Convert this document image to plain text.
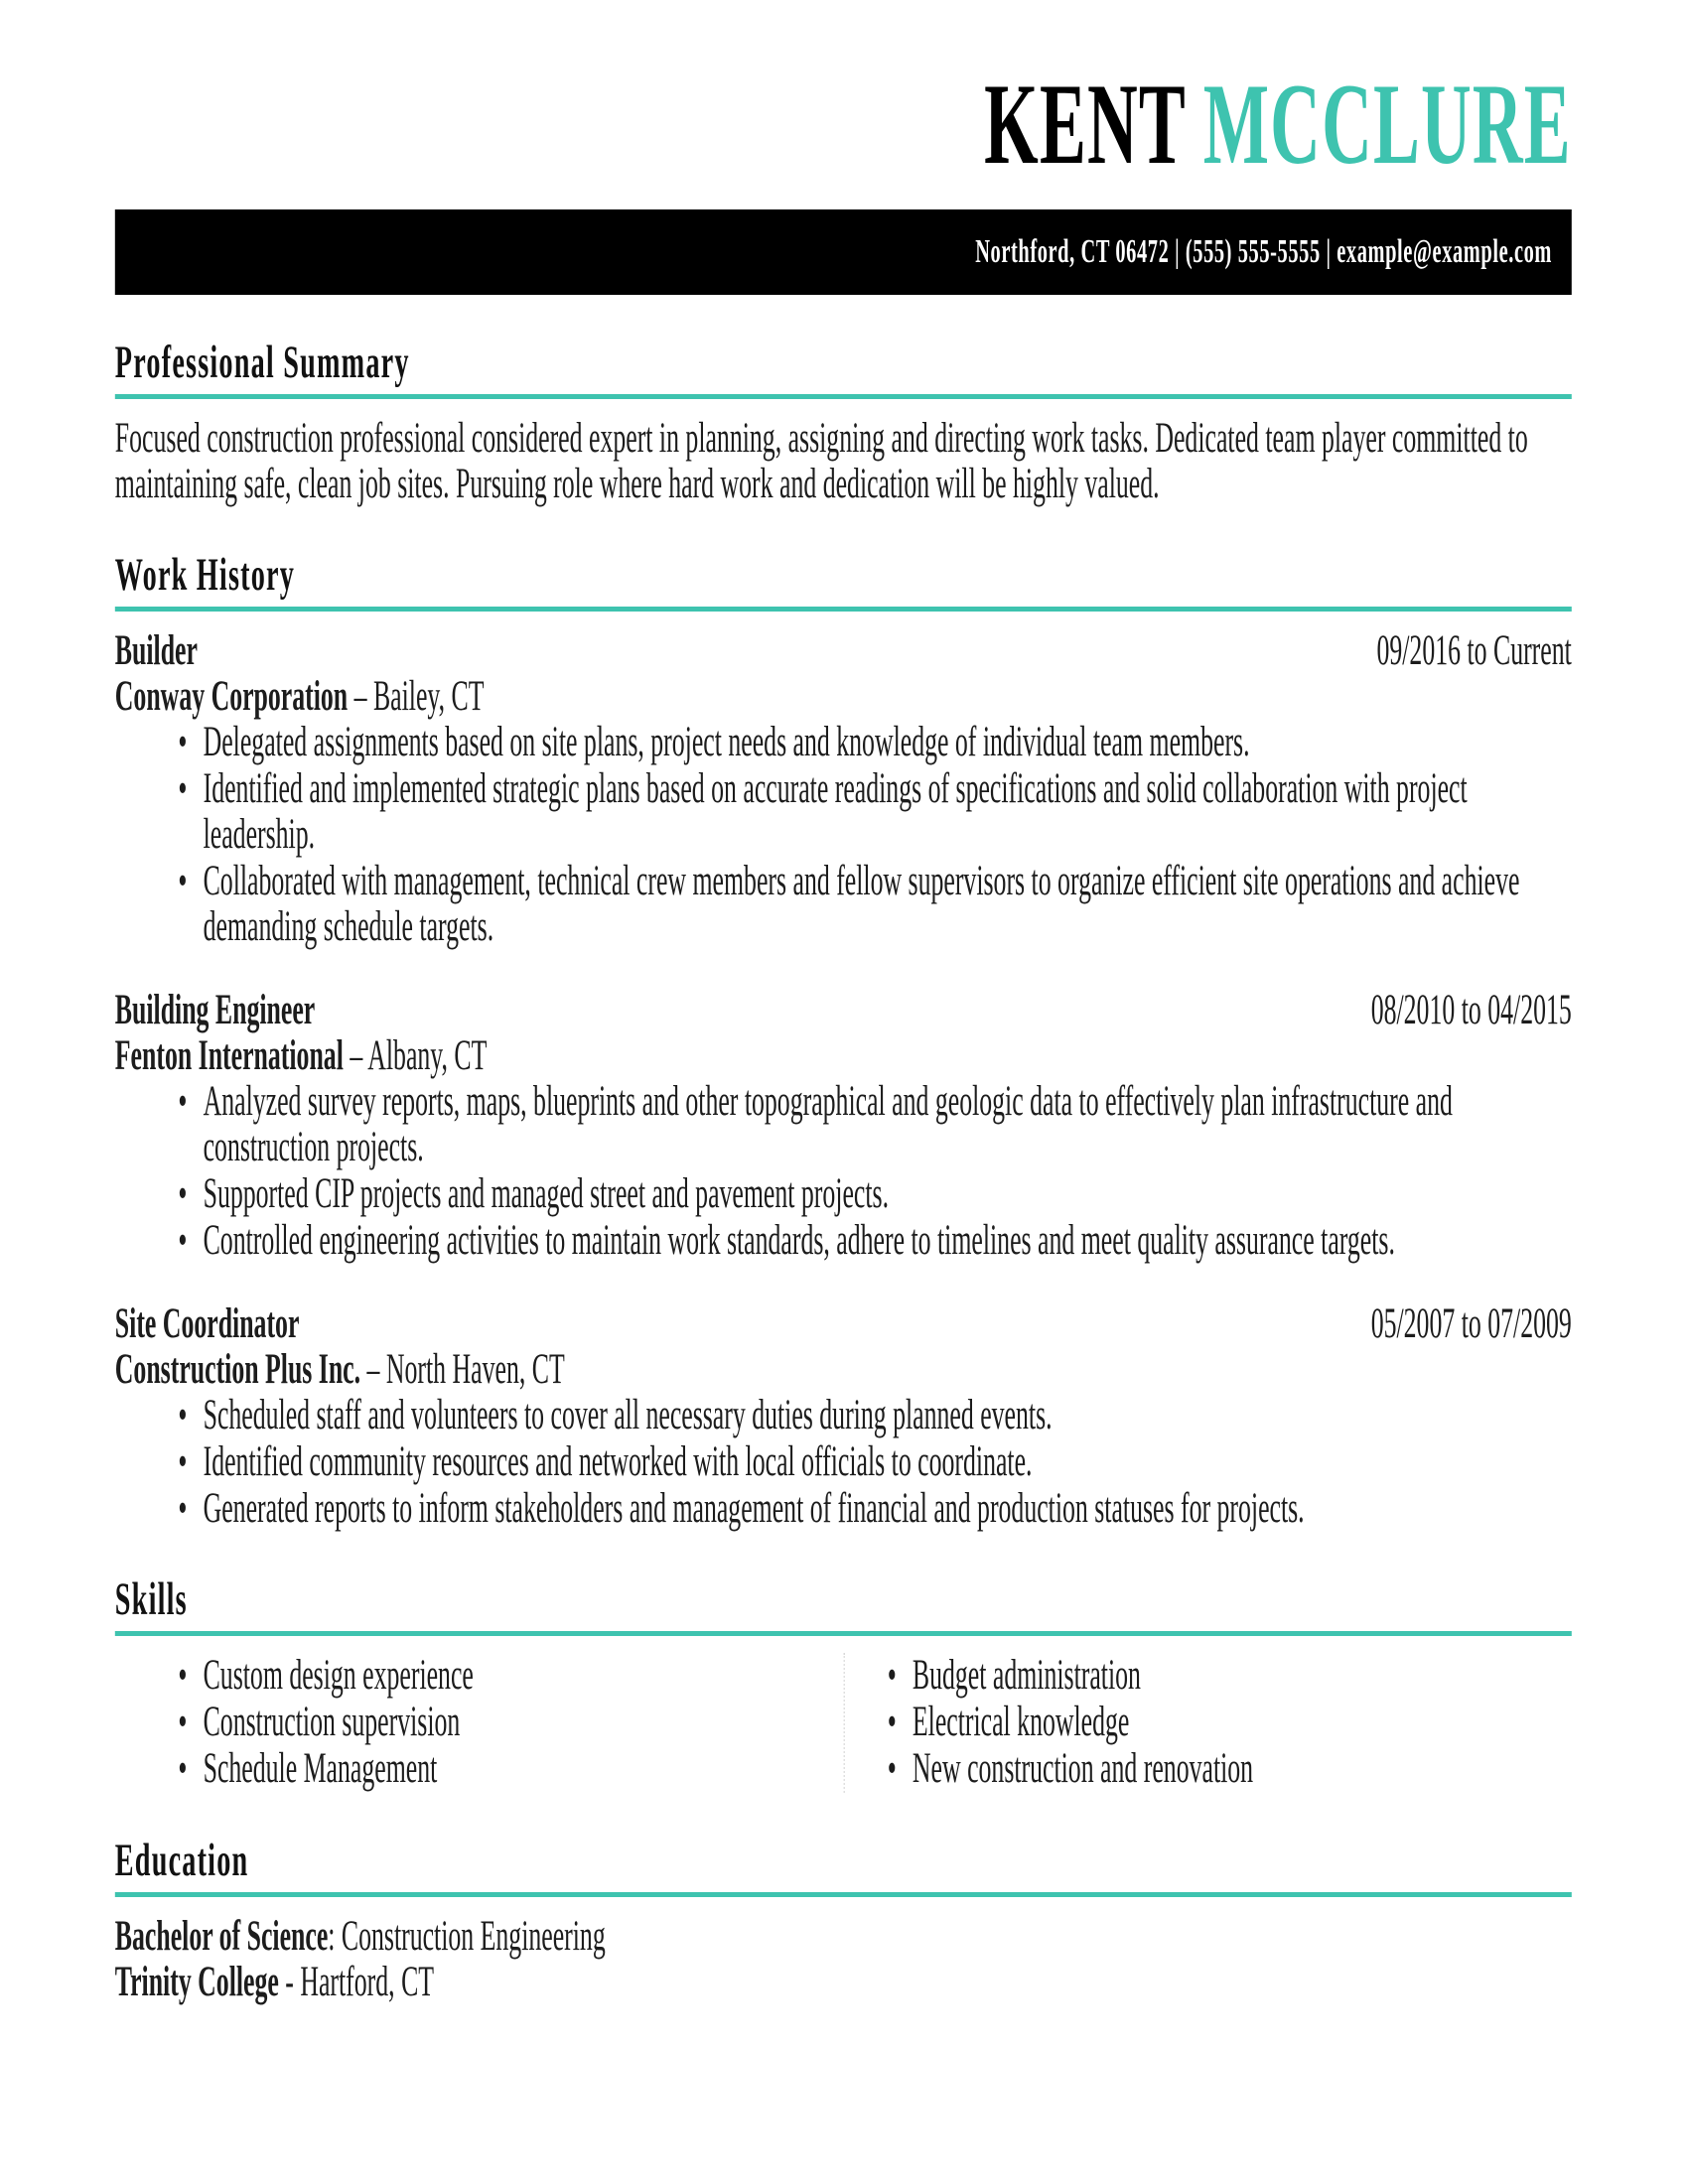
KENT MCCLURE
Northford, CT 06472 | (555) 555-5555 | example@example.com
Professional Summary

Focused construction professional considered expert in planning, assigning and directing work tasks. Dedicated team player committed to maintaining safe, clean job sites. Pursuing role where hard work and dedication will be highly valued.

Work History
Builder	09/2016 to Current
Conway Corporation – Bailey, CT
• Delegated assignments based on site plans, project needs and knowledge of individual team members.
• Identified and implemented strategic plans based on accurate readings of specifications and solid collaboration with project leadership.
• Collaborated with management, technical crew members and fellow supervisors to organize efficient site operations and achieve demanding schedule targets.
Building Engineer	08/2010 to 04/2015
Fenton International – Albany, CT
• Analyzed survey reports, maps, blueprints and other topographical and geologic data to effectively plan infrastructure and construction projects.
• Supported CIP projects and managed street and pavement projects.
• Controlled engineering activities to maintain work standards, adhere to timelines and meet quality assurance targets.
Site Coordinator	05/2007 to 07/2009
Construction Plus Inc. – North Haven, CT
• Scheduled staff and volunteers to cover all necessary duties during planned events.
• Identified community resources and networked with local officials to coordinate.
• Generated reports to inform stakeholders and management of financial and production statuses for projects.
Skills
• Custom design experience
• Construction supervision
• Schedule Management
• Budget administration
• Electrical knowledge
• New construction and renovation
Education

Bachelor of Science: Construction Engineering

Trinity College - Hartford, CT
